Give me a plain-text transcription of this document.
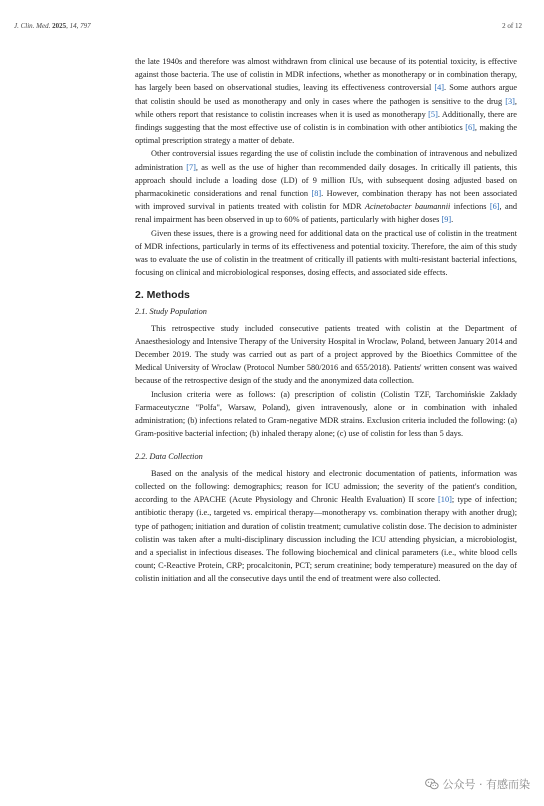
J. Clin. Med. 2025, 14, 797	2 of 12

the late 1940s and therefore was almost withdrawn from clinical use because of its potential toxicity, is effective against those bacteria. The use of colistin in MDR infections, whether as monotherapy or in combination therapy, has largely been based on observational studies, leaving its effectiveness controversial [4]. Some authors argue that colistin should be used as monotherapy and only in cases where the pathogen is sensitive to the drug [3], while others report that resistance to colistin increases when it is used as monotherapy [5]. Additionally, there are findings suggesting that the most effective use of colistin is in combination with other antibiotics [6], making the optimal prescription strategy a matter of debate.

Other controversial issues regarding the use of colistin include the combination of intravenous and nebulized administration [7], as well as the use of higher than recommended daily dosages. In critically ill patients, this approach should include a loading dose (LD) of 9 million IUs, with subsequent dosing adjusted based on pharmacokinetic considerations and renal function [8]. However, combination therapy has not been associated with improved survival in patients treated with colistin for MDR Acinetobacter baumannii infections [6], and renal impairment has been observed in up to 60% of patients, particularly with higher doses [9].

Given these issues, there is a growing need for additional data on the practical use of colistin in the treatment of MDR infections, particularly in terms of its effectiveness and potential toxicity. Therefore, the aim of this study was to evaluate the use of colistin in the treatment of critically ill patients with multi-resistant bacterial infections, focusing on clinical and microbiological responses, dosing effects, and associated side effects.

2. Methods
2.1. Study Population

This retrospective study included consecutive patients treated with colistin at the Department of Anaesthesiology and Intensive Therapy of the University Hospital in Wroclaw, Poland, between January 2014 and December 2019. The study was carried out as part of a project approved by the Bioethics Committee of the Medical University of Wroclaw (Protocol Number 580/2016 and 655/2018). Patients' written consent was waived because of the retrospective design of the study and the anonymized data collection.

Inclusion criteria were as follows: (a) prescription of colistin (Colistin TZF, Tarchomińskie Zakłady Farmaceutyczne "Polfa", Warsaw, Poland), given intravenously, alone or in combination with inhaled administration; (b) infections related to Gram-negative MDR strains. Exclusion criteria included the following: (a) Gram-positive bacterial infection; (b) inhaled therapy alone; (c) use of colistin for less than 5 days.

2.2. Data Collection

Based on the analysis of the medical history and electronic documentation of patients, information was collected on the following: demographics; reason for ICU admission; the severity of the patient's condition, according to the APACHE (Acute Physiology and Chronic Health Evaluation) II score [10]; type of infection; antibiotic therapy (i.e., targeted vs. empirical therapy—monotherapy vs. combination therapy with another drug); type of pathogen; initiation and duration of colistin treatment; cumulative colistin dose. The decision to administer colistin was taken after a multi-disciplinary discussion including the ICU attending physician, a microbiologist, and a specialist in infectious diseases. The following biochemical and clinical parameters (i.e., white blood cells count; C-Reactive Protein, CRP; procalcitonin, PCT; serum creatinine; body temperature) measured on the day of colistin initiation and all the consecutive days until the end of treatment were also collected.

公众号 · 有感而染
